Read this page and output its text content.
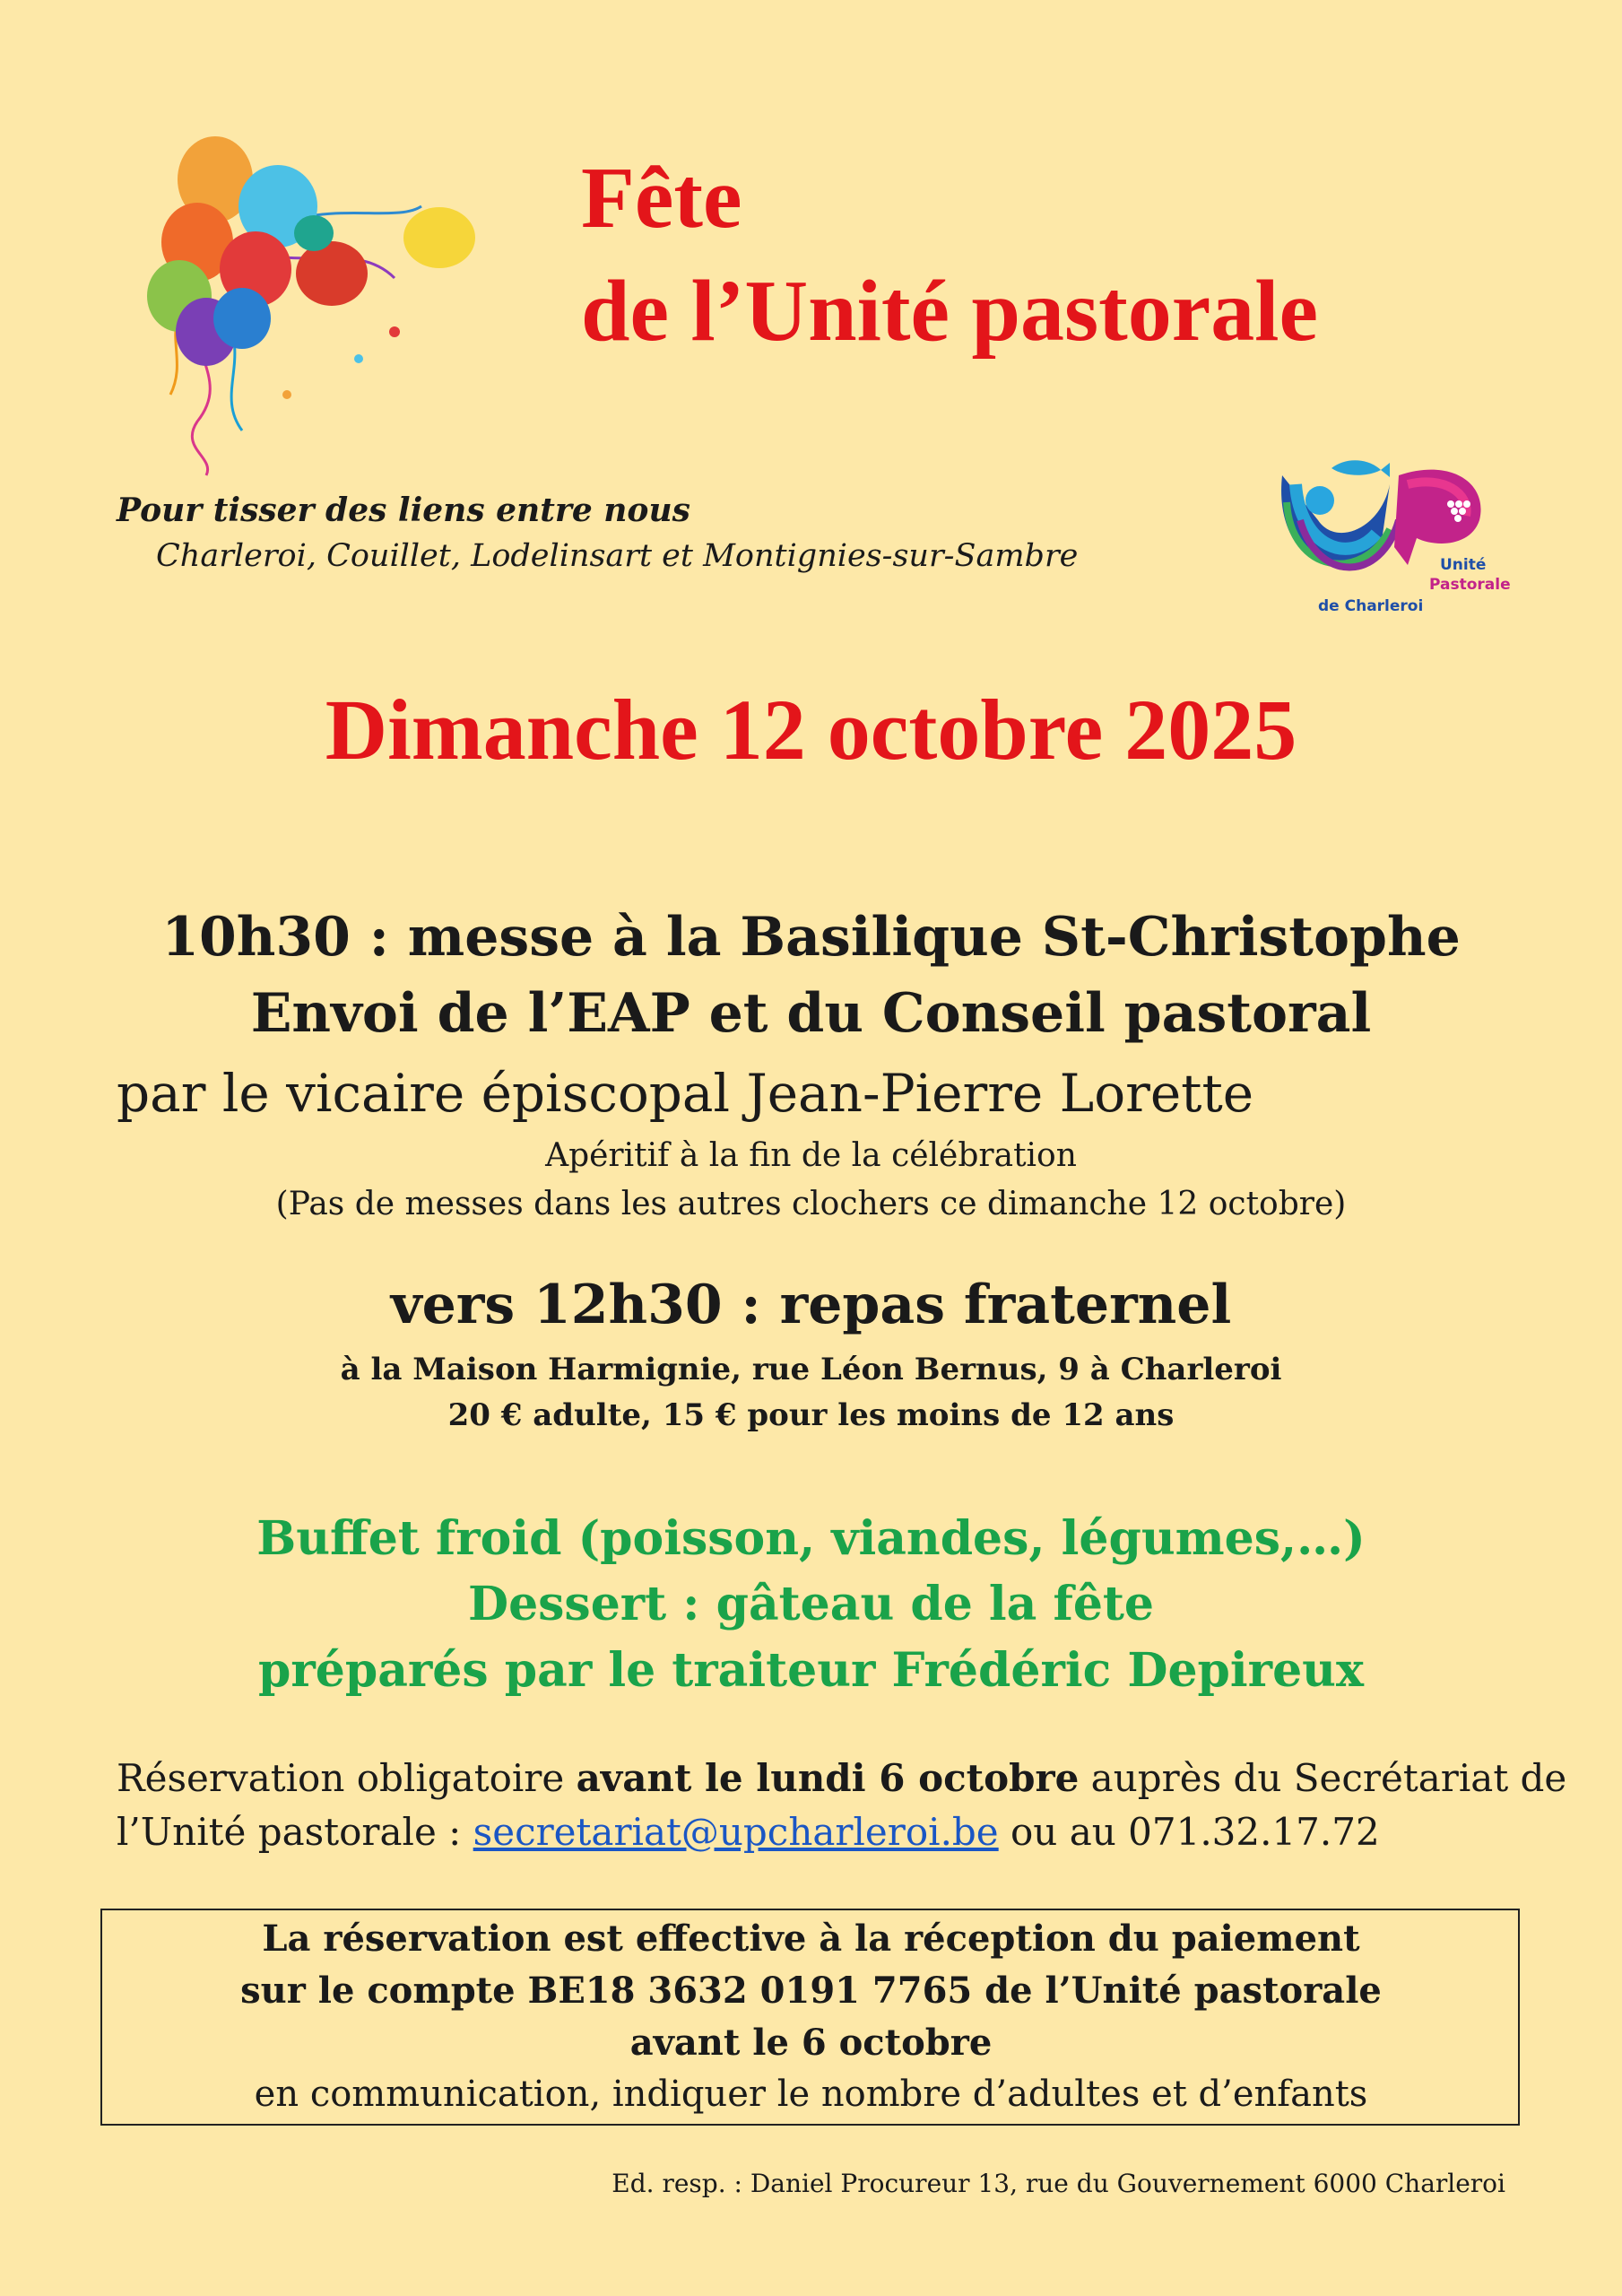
Fête
de l’Unité pastorale
Pour tisser des liens entre nous
Charleroi, Couillet, Lodelinsart et Montignies-sur-Sambre	Unité
Pastorale
de Charleroi
Dimanche 12 octobre 2025
10h30 : messe à la Basilique St-Christophe
Envoi de l’EAP et du Conseil pastoral
par le vicaire épiscopal Jean-Pierre Lorette
Apéritif à la fin de la célébration
(Pas de messes dans les autres clochers ce dimanche 12 octobre)
vers 12h30 : repas fraternel
à la Maison Harmignie, rue Léon Bernus, 9 à Charleroi
20 € adulte, 15 € pour les moins de 12 ans
Buffet froid (poisson, viandes, légumes,…)
Dessert : gâteau de la fête
préparés par le traiteur Frédéric Depireux
Réservation obligatoire avant le lundi 6 octobre auprès du Secrétariat de
l’Unité pastorale : secretariat@upcharleroi.be ou au 071.32.17.72
La réservation est effective à la réception du paiement
sur le compte BE18 3632 0191 7765 de l’Unité pastorale
avant le 6 octobre
en communication, indiquer le nombre d’adultes et d’enfants
Ed. resp. : Daniel Procureur 13, rue du Gouvernement 6000 Charleroi
